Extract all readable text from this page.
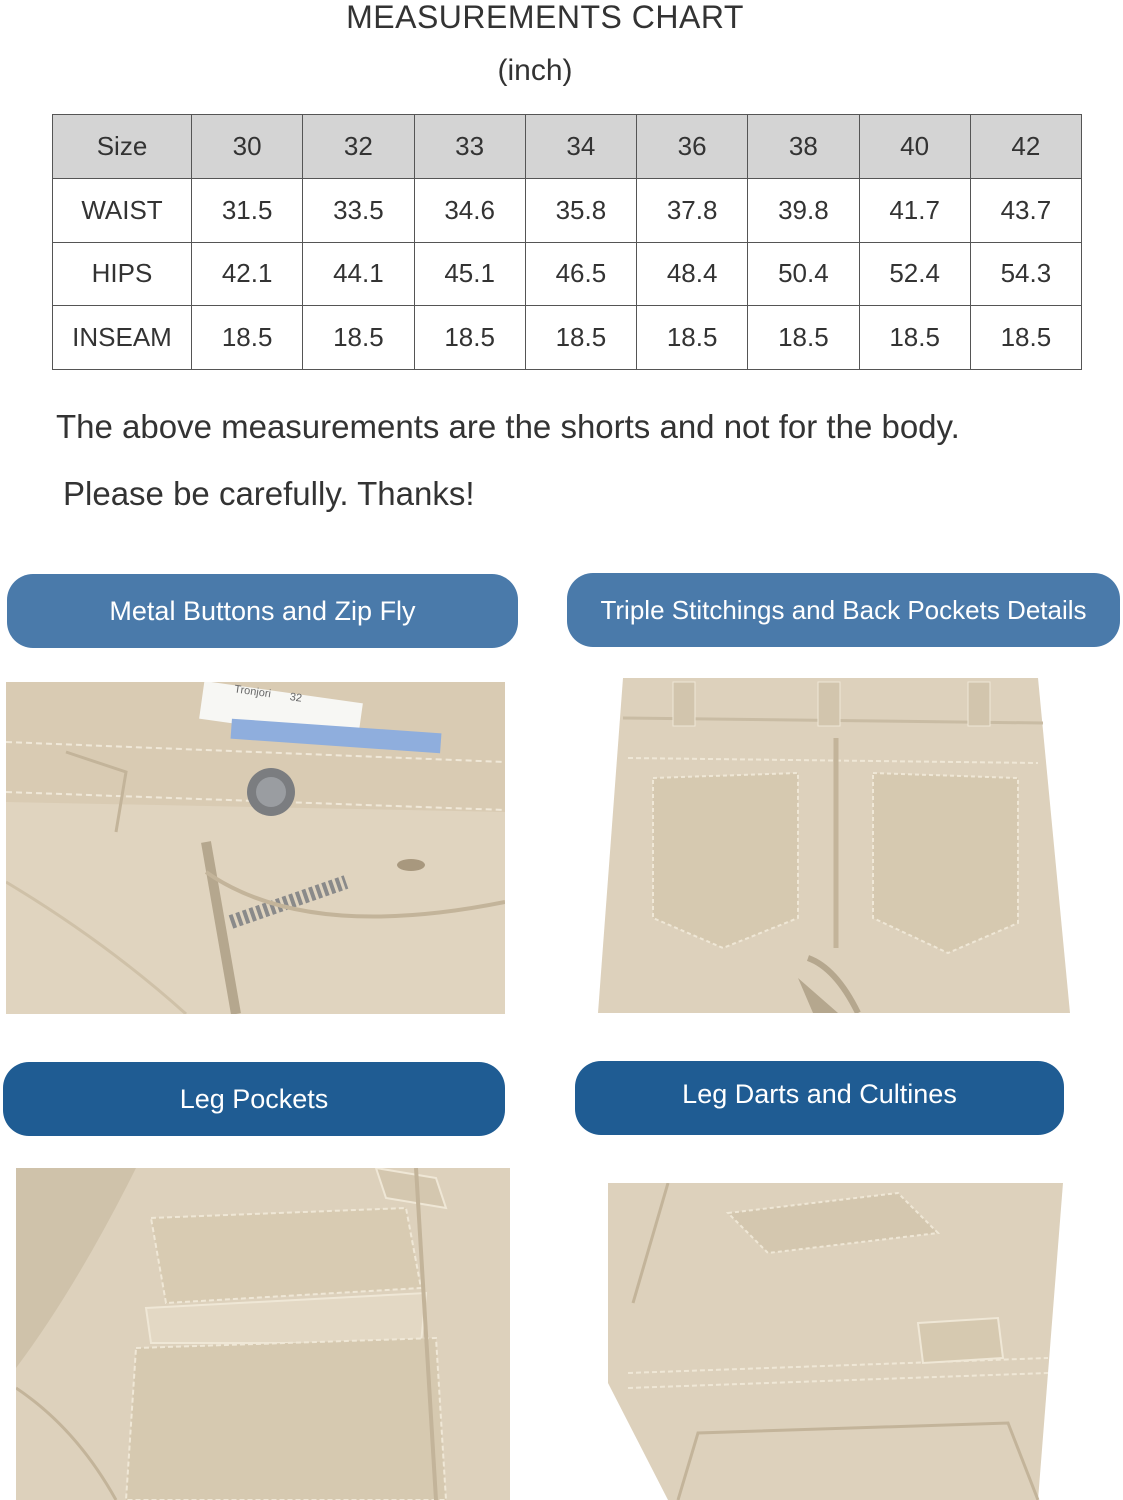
MEASUREMENTS CHART
(inch)
Size	30	32	33	34	36	38	40	42
WAIST	31.5	33.5	34.6	35.8	37.8	39.8	41.7	43.7
HIPS	42.1	44.1	45.1	46.5	48.4	50.4	52.4	54.3
INSEAM	18.5	18.5	18.5	18.5	18.5	18.5	18.5	18.5
The above measurements are the shorts and not for the body.
Please be carefully. Thanks!
Metal Buttons and Zip Fly	Triple Stitchings and Back Pockets Details
Leg Pockets	Leg Darts and Cultines
Tronjori 32
